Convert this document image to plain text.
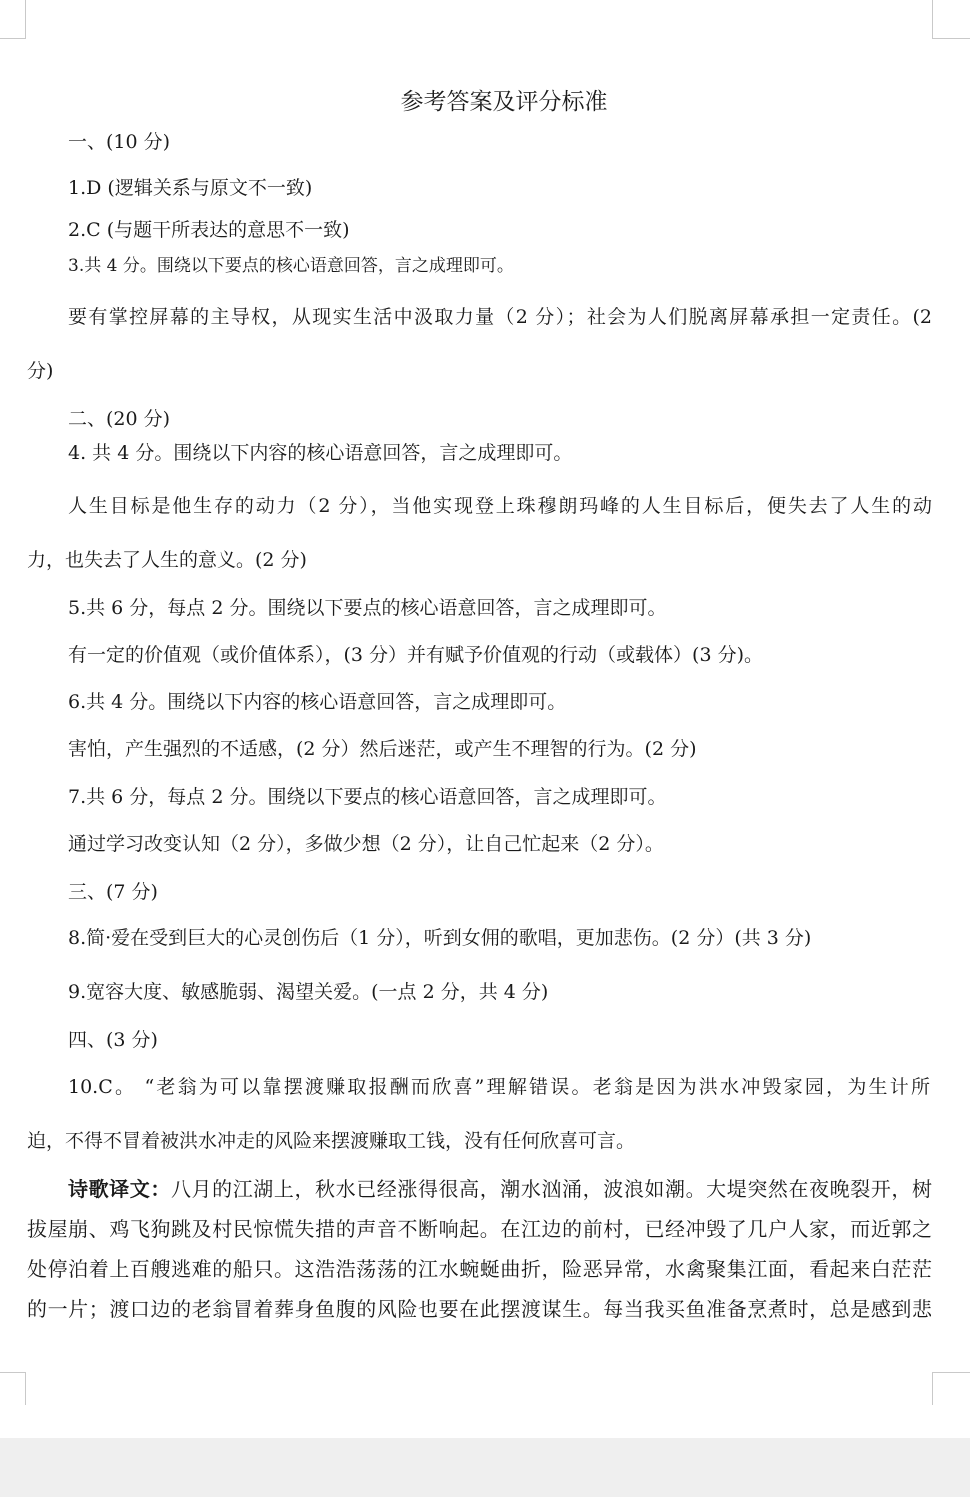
参考答案及评分标准
一、(10 分)
1.D (逻辑关系与原文不一致)
2.C (与题干所表达的意思不一致)
3.共 4 分。围绕以下要点的核心语意回答，言之成理即可。
要有掌控屏幕的主导权，从现实生活中汲取力量（2 分）；社会为人们脱离屏幕承担一定责任。(2
分)
二、(20 分)
4. 共 4 分。围绕以下内容的核心语意回答，言之成理即可。
人生目标是他生存的动力（2 分），当他实现登上珠穆朗玛峰的人生目标后，便失去了人生的动
力，也失去了人生的意义。(2 分)
5.共 6 分，每点 2 分。围绕以下要点的核心语意回答，言之成理即可。
有一定的价值观（或价值体系），(3 分）并有赋予价值观的行动（或载体）(3 分)。
6.共 4 分。围绕以下内容的核心语意回答，言之成理即可。
害怕，产生强烈的不适感，(2 分）然后迷茫，或产生不理智的行为。(2 分)
7.共 6 分，每点 2 分。围绕以下要点的核心语意回答，言之成理即可。
通过学习改变认知（2 分），多做少想（2 分），让自己忙起来（2 分）。
三、(7 分)
8.简·爱在受到巨大的心灵创伤后（1 分），听到女佣的歌唱，更加悲伤。(2 分）(共 3 分)
9.宽容大度、敏感脆弱、渴望关爱。(一点 2 分，共 4 分)
四、(3 分)
10.C。 “老翁为可以靠摆渡赚取报酬而欣喜”理解错误。老翁是因为洪水冲毁家园，为生计所
迫，不得不冒着被洪水冲走的风险来摆渡赚取工钱，没有任何欣喜可言。
诗歌译文：八月的江湖上，秋水已经涨得很高，潮水汹涌，波浪如潮。大堤突然在夜晚裂开，树
拔屋崩、鸡飞狗跳及村民惊慌失措的声音不断响起。在江边的前村，已经冲毁了几户人家，而近郭之
处停泊着上百艘逃难的船只。这浩浩荡荡的江水蜿蜒曲折，险恶异常，水禽聚集江面，看起来白茫茫
的一片；渡口边的老翁冒着葬身鱼腹的风险也要在此摆渡谋生。每当我买鱼准备烹煮时，总是感到悲
